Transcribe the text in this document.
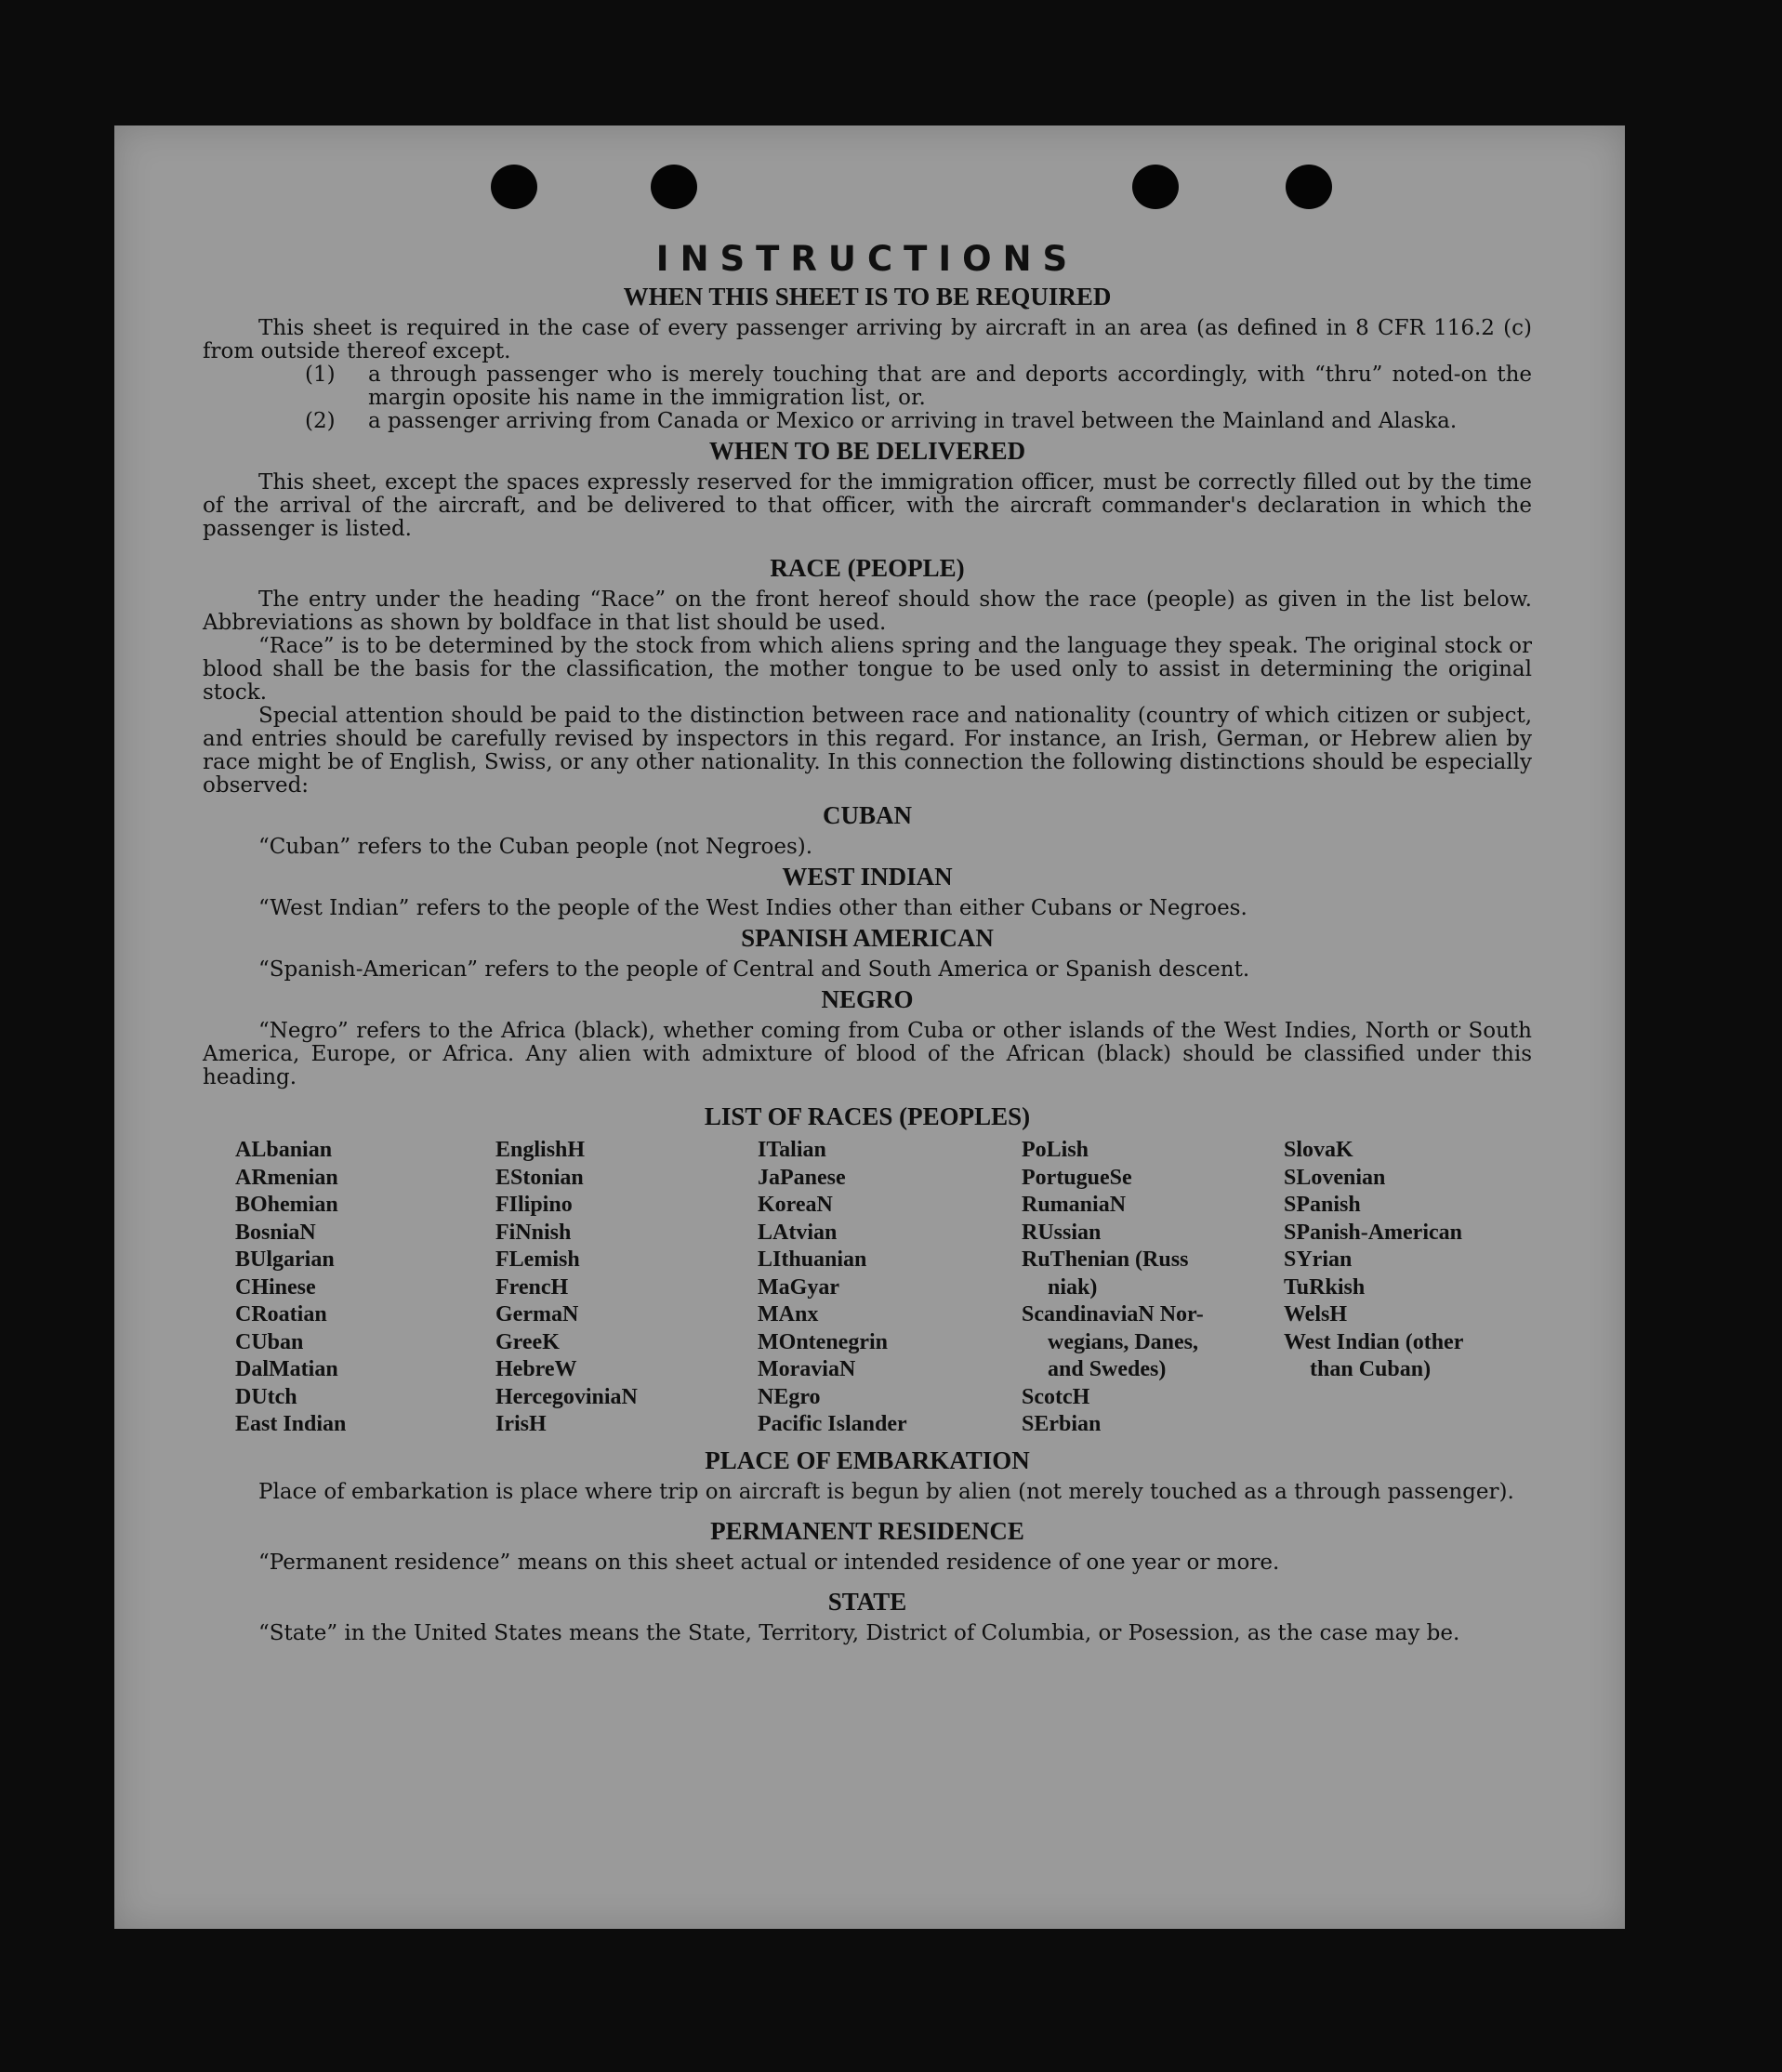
INSTRUCTIONS
WHEN THIS SHEET IS TO BE REQUIRED

This sheet is required in the case of every passenger arriving by aircraft in an area (as defined in 8 CFR 116.2 (c) from outside thereof except.

(1)	a through passenger who is merely touching that are and deports accordingly, with “thru” noted-on the margin oposite his name in the immigration list, or.
(2)	a passenger arriving from Canada or Mexico or arriving in travel between the Mainland and Alaska.
WHEN TO BE DELIVERED

This sheet, except the spaces expressly reserved for the immigration officer, must be correctly filled out by the time of the arrival of the aircraft, and be delivered to that officer, with the aircraft commander's declaration in which the passenger is listed.

RACE (PEOPLE)

The entry under the heading “Race” on the front hereof should show the race (people) as given in the list below. Abbreviations as shown by boldface in that list should be used.

“Race” is to be determined by the stock from which aliens spring and the language they speak. The original stock or blood shall be the basis for the classification, the mother tongue to be used only to assist in determining the original stock.

Special attention should be paid to the distinction between race and nationality (country of which citizen or subject, and entries should be carefully revised by inspectors in this regard. For instance, an Irish, German, or Hebrew alien by race might be of English, Swiss, or any other nationality. In this connection the following distinctions should be especially observed:

CUBAN

“Cuban” refers to the Cuban people (not Negroes).

WEST INDIAN

“West Indian” refers to the people of the West Indies other than either Cubans or Negroes.

SPANISH AMERICAN

“Spanish-American” refers to the people of Central and South America or Spanish descent.

NEGRO

“Negro” refers to the Africa (black), whether coming from Cuba or other islands of the West Indies, North or South America, Europe, or Africa. Any alien with admixture of blood of the African (black) should be classified under this heading.

LIST OF RACES (PEOPLES)
ALbanian
ARmenian
BOhemian
BosniaN
BUlgarian
CHinese
CRoatian
CUban
DalMatian
DUtch
East Indian
EnglishH
EStonian
FIlipino
FiNnish
FLemish
FrencH
GermaN
GreeK
HebreW
HercegoviniaN
IrisH
ITalian
JaPanese
KoreaN
LAtvian
LIthuanian
MaGyar
MAnx
MOntenegrin
MoraviaN
NEgro
Pacific Islander
PoLish
PortugueSe
RumaniaN
RUssian
RuThenian (Russ
niak)
ScandinaviaN Nor-
wegians, Danes,
and Swedes)
ScotcH
SErbian
SlovaK
SLovenian
SPanish
SPanish-American
SYrian
TuRkish
WelsH
West Indian (other
than Cuban)
PLACE OF EMBARKATION

Place of embarkation is place where trip on aircraft is begun by alien (not merely touched as a through passenger).

PERMANENT RESIDENCE

“Permanent residence” means on this sheet actual or intended residence of one year or more.

STATE

“State” in the United States means the State, Territory, District of Columbia, or Posession, as the case may be.
